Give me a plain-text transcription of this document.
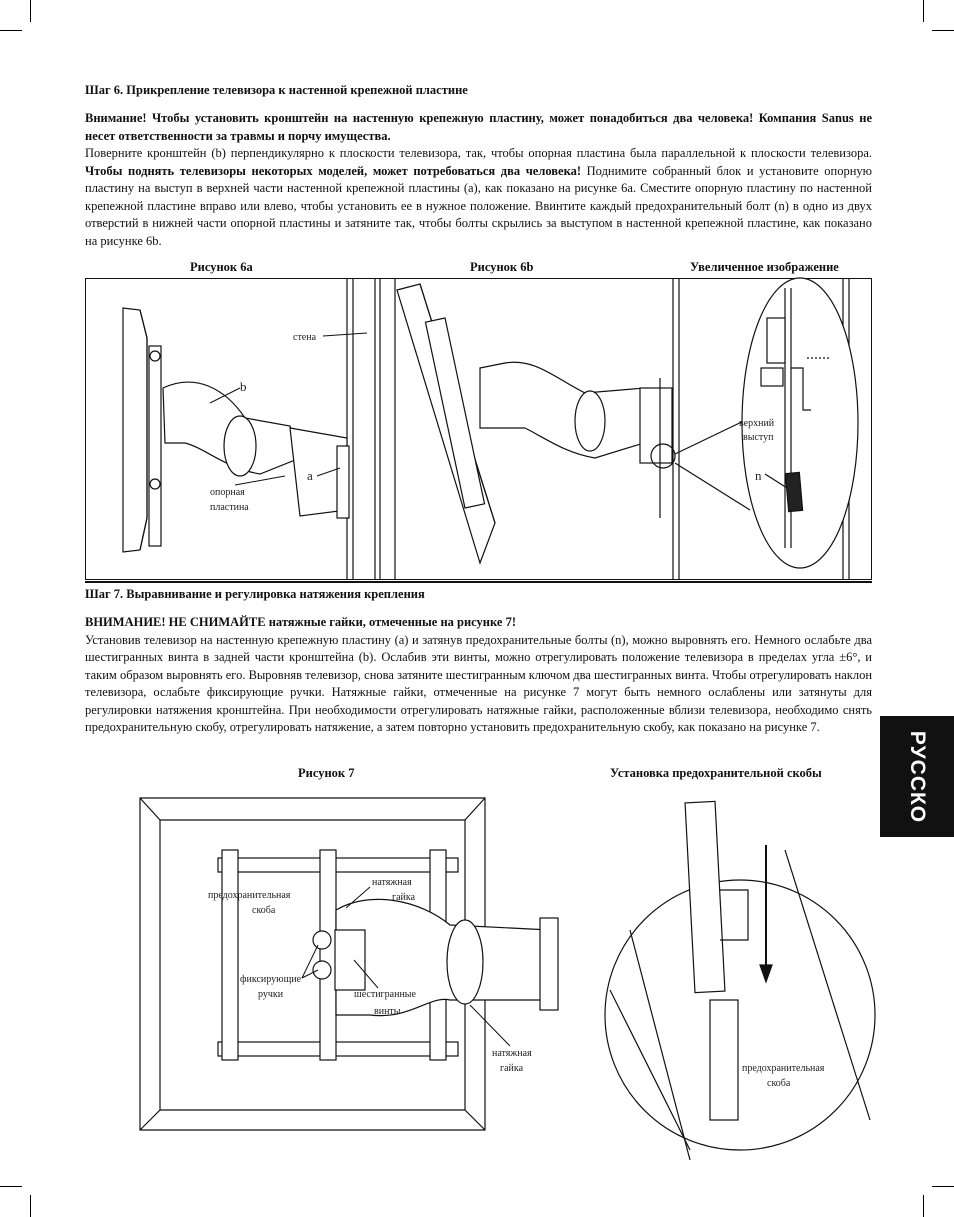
Шаг 6. Прикрепление телевизора к настенной крепежной пластине

Внимание! Чтобы установить кронштейн на настенную крепежную пластину, может понадобиться два человека! Компания Sanus не несет ответственности за травмы и порчу имущества.

Поверните кронштейн (b) перпендикулярно к плоскости телевизора, так, чтобы опорная пластина была параллельной к плоскости телевизора. Чтобы поднять телевизоры некоторых моделей, может потребоваться два человека! Поднимите собранный блок и установите опорную пластину на выступ в верхней части настенной крепежной пластины (a), как показано на рисунке 6a. Сместите опорную пластину по настенной крепежной пластине вправо или влево, чтобы установить ее в нужное положение. Ввинтите каждый предохранительный болт (n) в одно из двух отверстий в нижней части опорной пластины и затяните так, чтобы болты скрылись за выступом в настенной крепежной пластине, как показано на рисунке 6b.

Рисунок 6a	Рисунок 6b	Увеличенное изображение
стена
b
a
опорная
пластина
верхний
выступ
n
Шаг 7. Выравнивание и регулировка натяжения крепления

ВНИМАНИЕ! НЕ СНИМАЙТЕ натяжные гайки, отмеченные на рисунке 7!

Установив телевизор на настенную крепежную пластину (a) и затянув предохранительные болты (n), можно выровнять его. Немного ослабьте два шестигранных винта в задней части кронштейна (b). Ослабив эти винты, можно отрегулировать положение телевизора в пределах угла ±6°, и таким образом выровнять его. Выровняв телевизор, снова затяните шестигранным ключом два шестигранных винта. Чтобы отрегулировать наклон телевизора, ослабьте фиксирующие ручки. Натяжные гайки, отмеченные на рисунке 7 могут быть немного ослаблены или затянуты для регулировки натяжения кронштейна. При необходимости отрегулировать натяжные гайки, расположенные вблизи телевизора, необходимо снять предохранительную скобу, отрегулировать натяжение, а затем повторно установить предохранительную скобу, как показано на рисунке 7.

Рисунок 7	Установка предохранительной скобы
предохранительная
скоба
натяжная
гайка
фиксирующие
ручки	шестигранные
винты
натяжная
гайка	предохранительная
скоба
РУССКО
